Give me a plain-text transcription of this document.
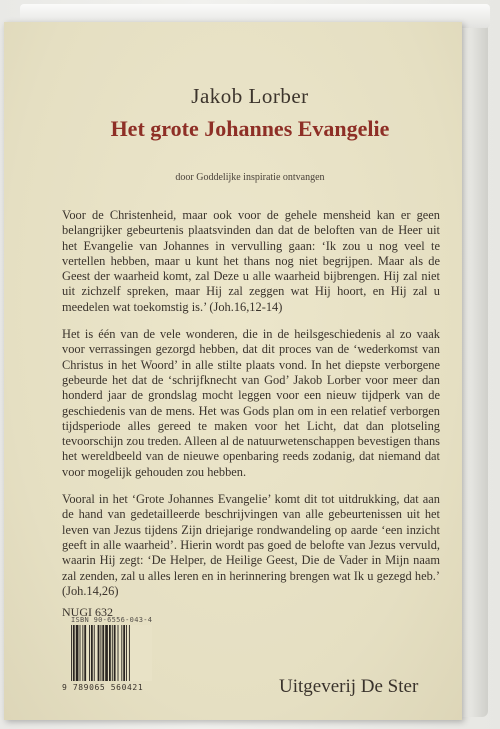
Jakob Lorber
Het grote Johannes Evangelie
door Goddelijke inspiratie ontvangen

Voor de Christenheid, maar ook voor de gehele mensheid kan er geen belangrijker gebeurtenis plaatsvinden dan dat de beloften van de Heer uit het Evangelie van Johannes in vervulling gaan: ‘Ik zou u nog veel te vertellen hebben, maar u kunt het thans nog niet begrijpen. Maar als de Geest der waarheid komt, zal Deze u alle waarheid bijbrengen. Hij zal niet uit zichzelf spreken, maar Hij zal zeggen wat Hij hoort, en Hij zal u meedelen wat toekomstig is.’ (Joh.16,12-14)

Het is één van de vele wonderen, die in de heilsgeschiedenis al zo vaak voor verrassingen gezorgd hebben, dat dit proces van de ‘wederkomst van Christus in het Woord’ in alle stilte plaats vond. In het diepste verborgene gebeurde het dat de ‘schrijfknecht van God’ Jakob Lorber voor meer dan honderd jaar de grondslag mocht leggen voor een nieuw tijdperk van de geschiedenis van de mens. Het was Gods plan om in een relatief verborgen tijdsperiode alles gereed te maken voor het Licht, dat dan plotseling tevoorschijn zou treden. Alleen al de natuurwetenschappen bevestigen thans het wereldbeeld van de nieuwe openbaring reeds zodanig, dat niemand dat voor mogelijk gehouden zou hebben.

Vooral in het ‘Grote Johannes Evangelie’ komt dit tot uitdrukking, dat aan de hand van gedetailleerde beschrijvingen van alle gebeurtenissen uit het leven van Jezus tijdens Zijn driejarige rondwandeling op aarde ‘een inzicht geeft in alle waarheid’. Hierin wordt pas goed de belofte van Jezus vervuld, waarin Hij zegt: ‘De Helper, de Heilige Geest, Die de Vader in Mijn naam zal zenden, zal u alles leren en in herinnering brengen wat Ik u gezegd heb.’ (Joh.14,26)

NUGI 632
ISBN 90-6556-043-4
9 789065 560421	Uitgeverij De Ster
